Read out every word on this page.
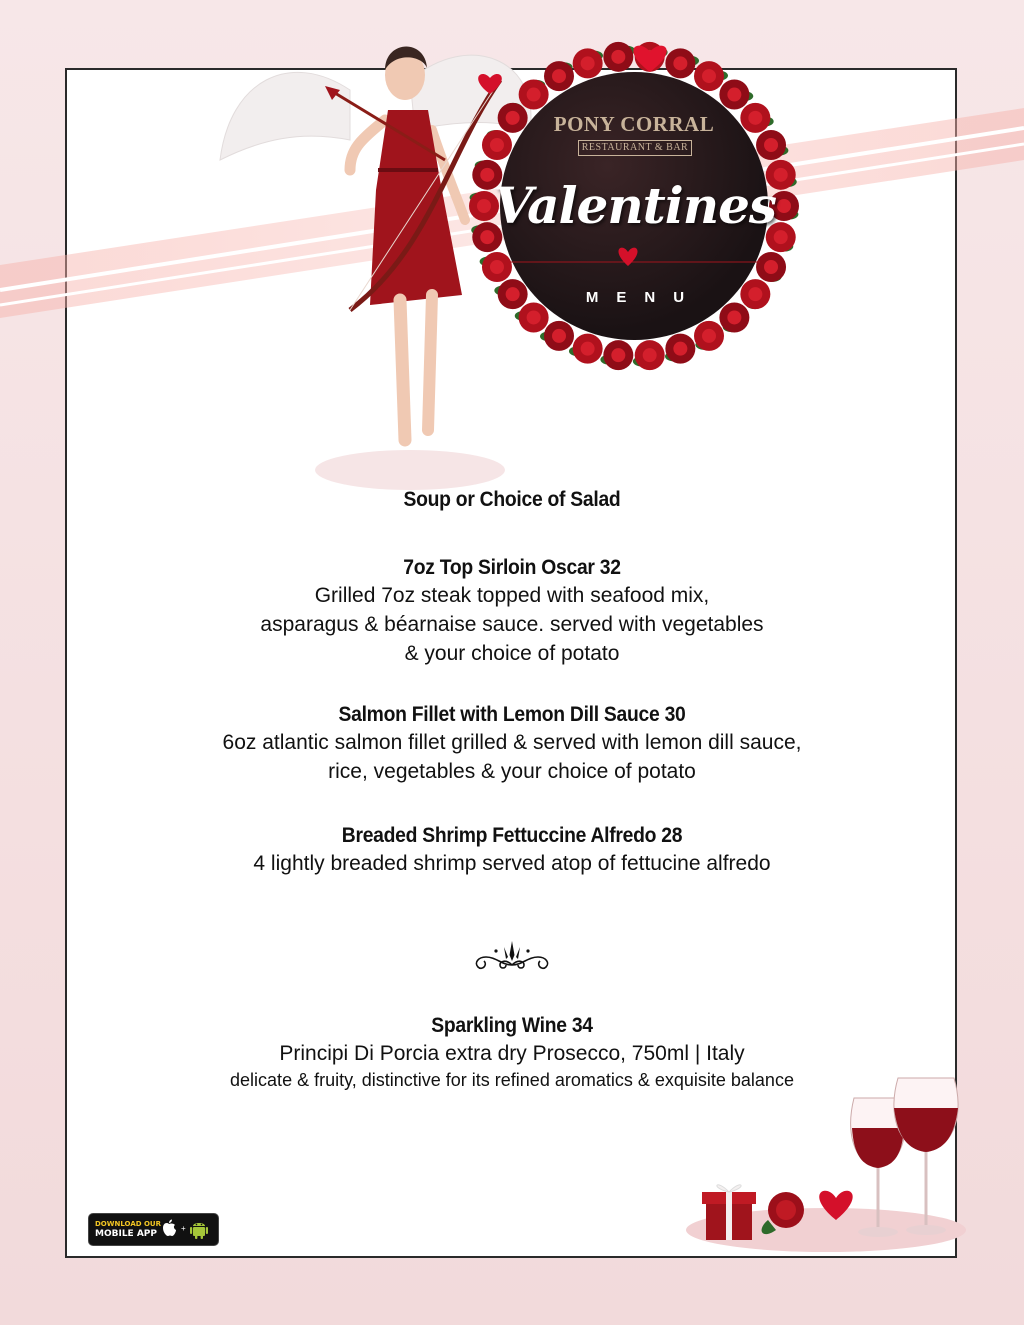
PONY CORRAL
RESTAURANT & BAR
Valentines
MENU
Soup or Choice of Salad
7oz Top Sirloin Oscar 32
Grilled 7oz steak topped with seafood mix,
asparagus & béarnaise sauce. served with vegetables
& your choice of potato
Salmon Fillet with Lemon Dill Sauce 30
6oz atlantic salmon fillet grilled & served with lemon dill sauce,
rice, vegetables & your choice of potato
Breaded Shrimp Fettuccine Alfredo 28
4 lightly breaded shrimp served atop of fettucine alfredo
Sparkling Wine 34
Principi Di Porcia extra dry Prosecco, 750ml | Italy
delicate & fruity, distinctive for its refined aromatics & exquisite balance
DOWNLOAD OUR
MOBILE APP
+
